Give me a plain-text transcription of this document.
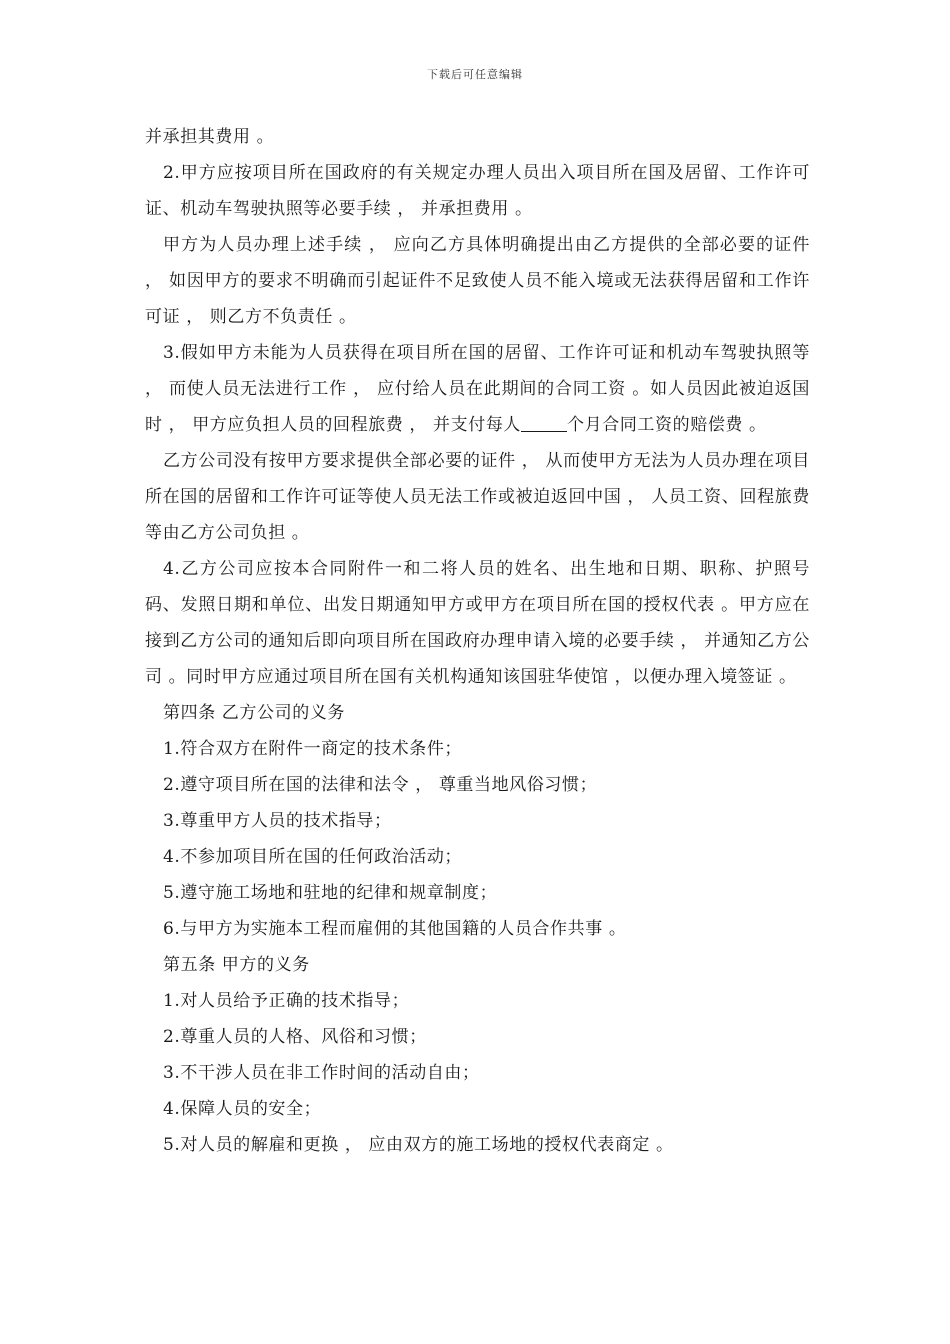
下载后可任意编辑

并承担其费用 。

2.甲方应按项目所在国政府的有关规定办理人员出入项目所在国及居留、工作许可证、机动车驾驶执照等必要手续 ， 并承担费用 。

甲方为人员办理上述手续 ， 应向乙方具体明确提出由乙方提供的全部必要的证件 ， 如因甲方的要求不明确而引起证件不足致使人员不能入境或无法获得居留和工作许可证 ， 则乙方不负责任 。

3.假如甲方未能为人员获得在项目所在国的居留、工作许可证和机动车驾驶执照等 ， 而使人员无法进行工作 ， 应付给人员在此期间的合同工资 。如人员因此被迫返国时 ， 甲方应负担人员的回程旅费 ， 并支付每人	个月合同工资的赔偿费 。

乙方公司没有按甲方要求提供全部必要的证件 ， 从而使甲方无法为人员办理在项目所在国的居留和工作许可证等使人员无法工作或被迫返回中国 ， 人员工资、回程旅费等由乙方公司负担 。

4.乙方公司应按本合同附件一和二将人员的姓名、出生地和日期、职称、护照号码、发照日期和单位、出发日期通知甲方或甲方在项目所在国的授权代表 。甲方应在接到乙方公司的通知后即向项目所在国政府办理申请入境的必要手续 ， 并通知乙方公司 。同时甲方应通过项目所在国有关机构通知该国驻华使馆 ，以便办理入境签证 。

第四条 乙方公司的义务

1.符合双方在附件一商定的技术条件；

2.遵守项目所在国的法律和法令 ， 尊重当地风俗习惯；

3.尊重甲方人员的技术指导；

4.不参加项目所在国的任何政治活动；

5.遵守施工场地和驻地的纪律和规章制度；

6.与甲方为实施本工程而雇佣的其他国籍的人员合作共事 。

第五条 甲方的义务

1.对人员给予正确的技术指导；

2.尊重人员的人格、风俗和习惯；

3.不干涉人员在非工作时间的活动自由；

4.保障人员的安全；

5.对人员的解雇和更换 ， 应由双方的施工场地的授权代表商定 。
